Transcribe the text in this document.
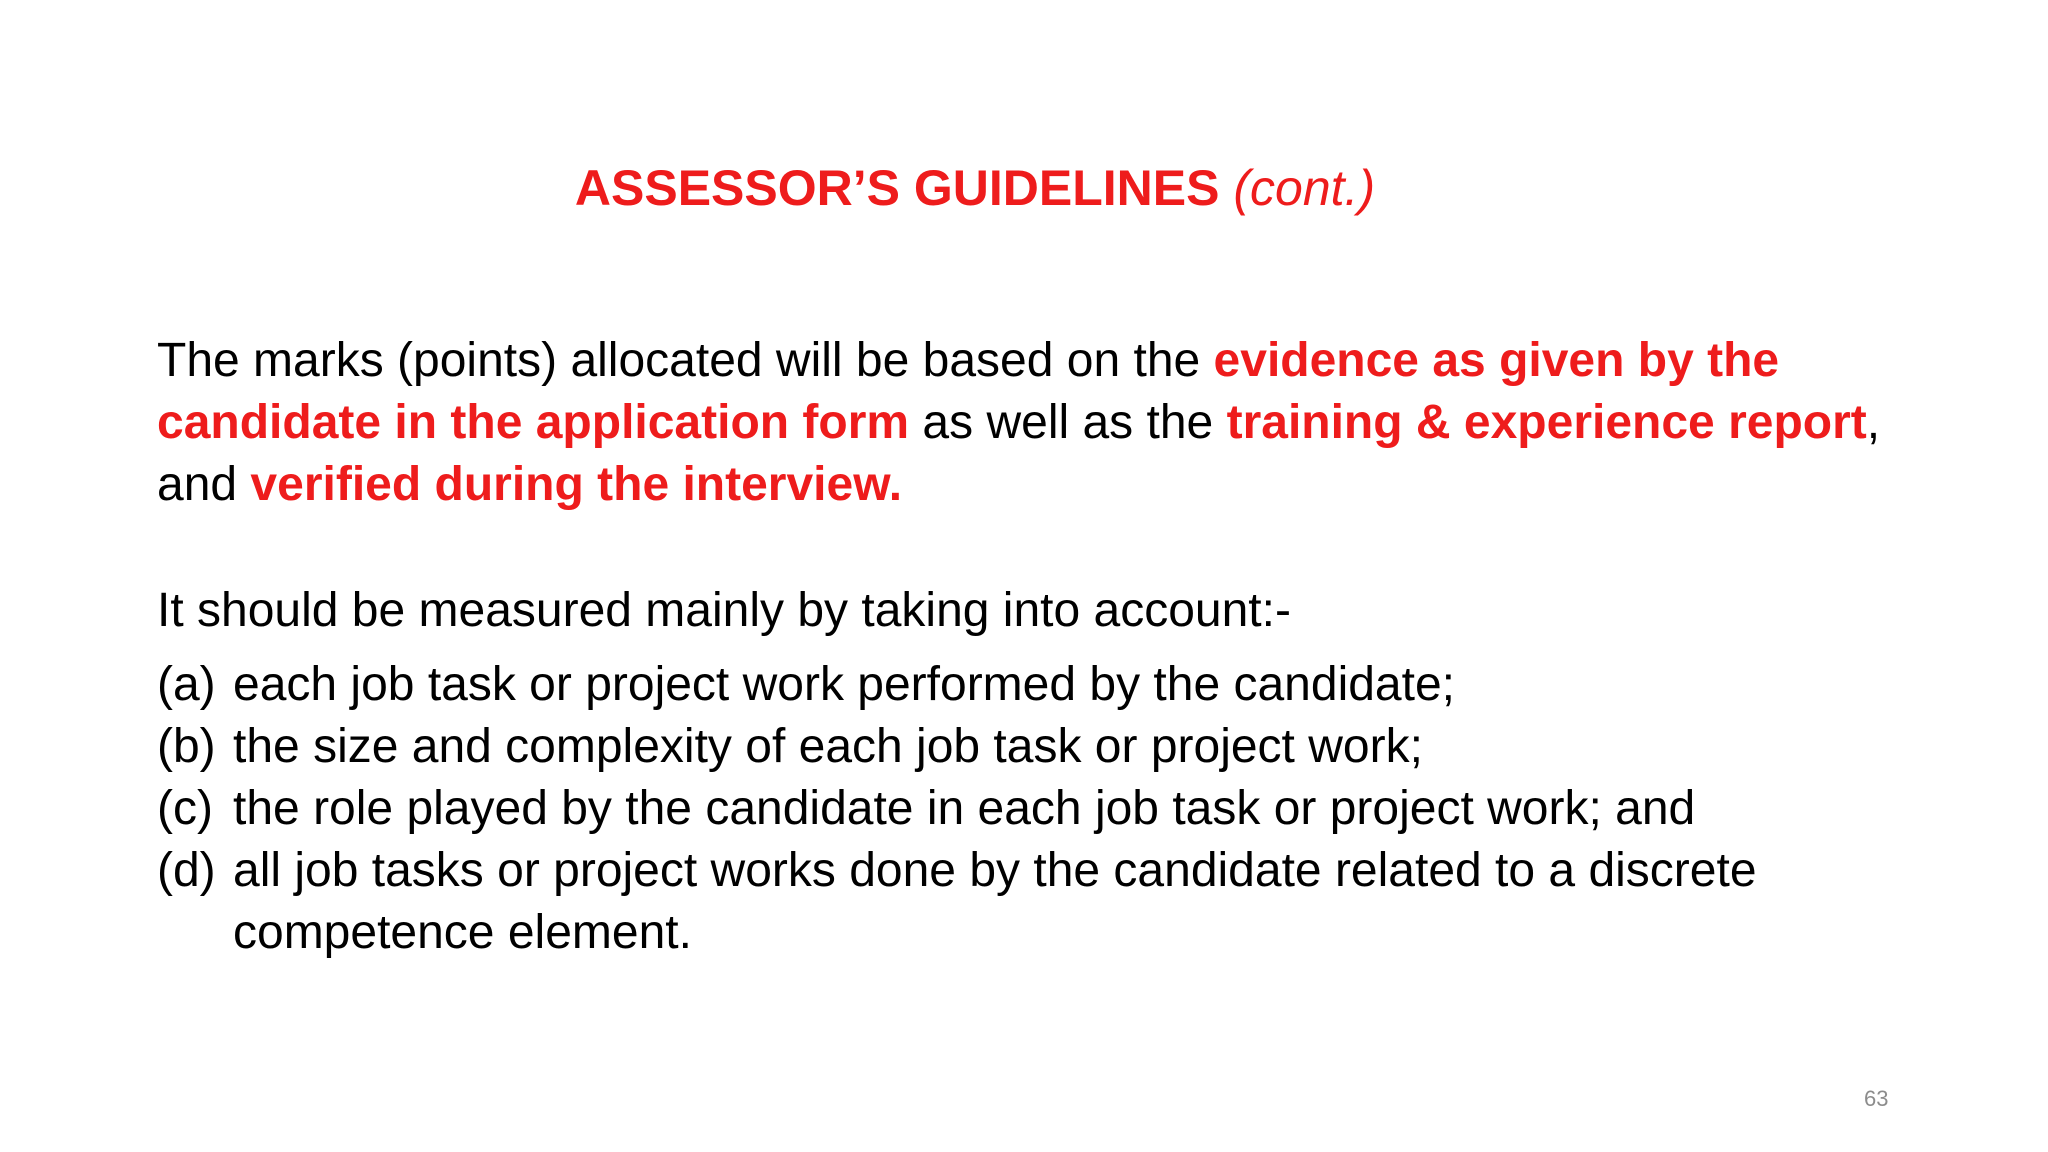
ASSESSOR’S GUIDELINES (cont.)
The marks (points) allocated will be based on the evidence as given by the candidate in the application form as well as the training & experience report, and verified during the interview.
It should be measured mainly by taking into account:-
(a) each job task or project work performed by the candidate;
(b) the size and complexity of each job task or project work;
(c) the role played by the candidate in each job task or project work; and
(d) all job tasks or project works done by the candidate related to a discrete competence element.
63
